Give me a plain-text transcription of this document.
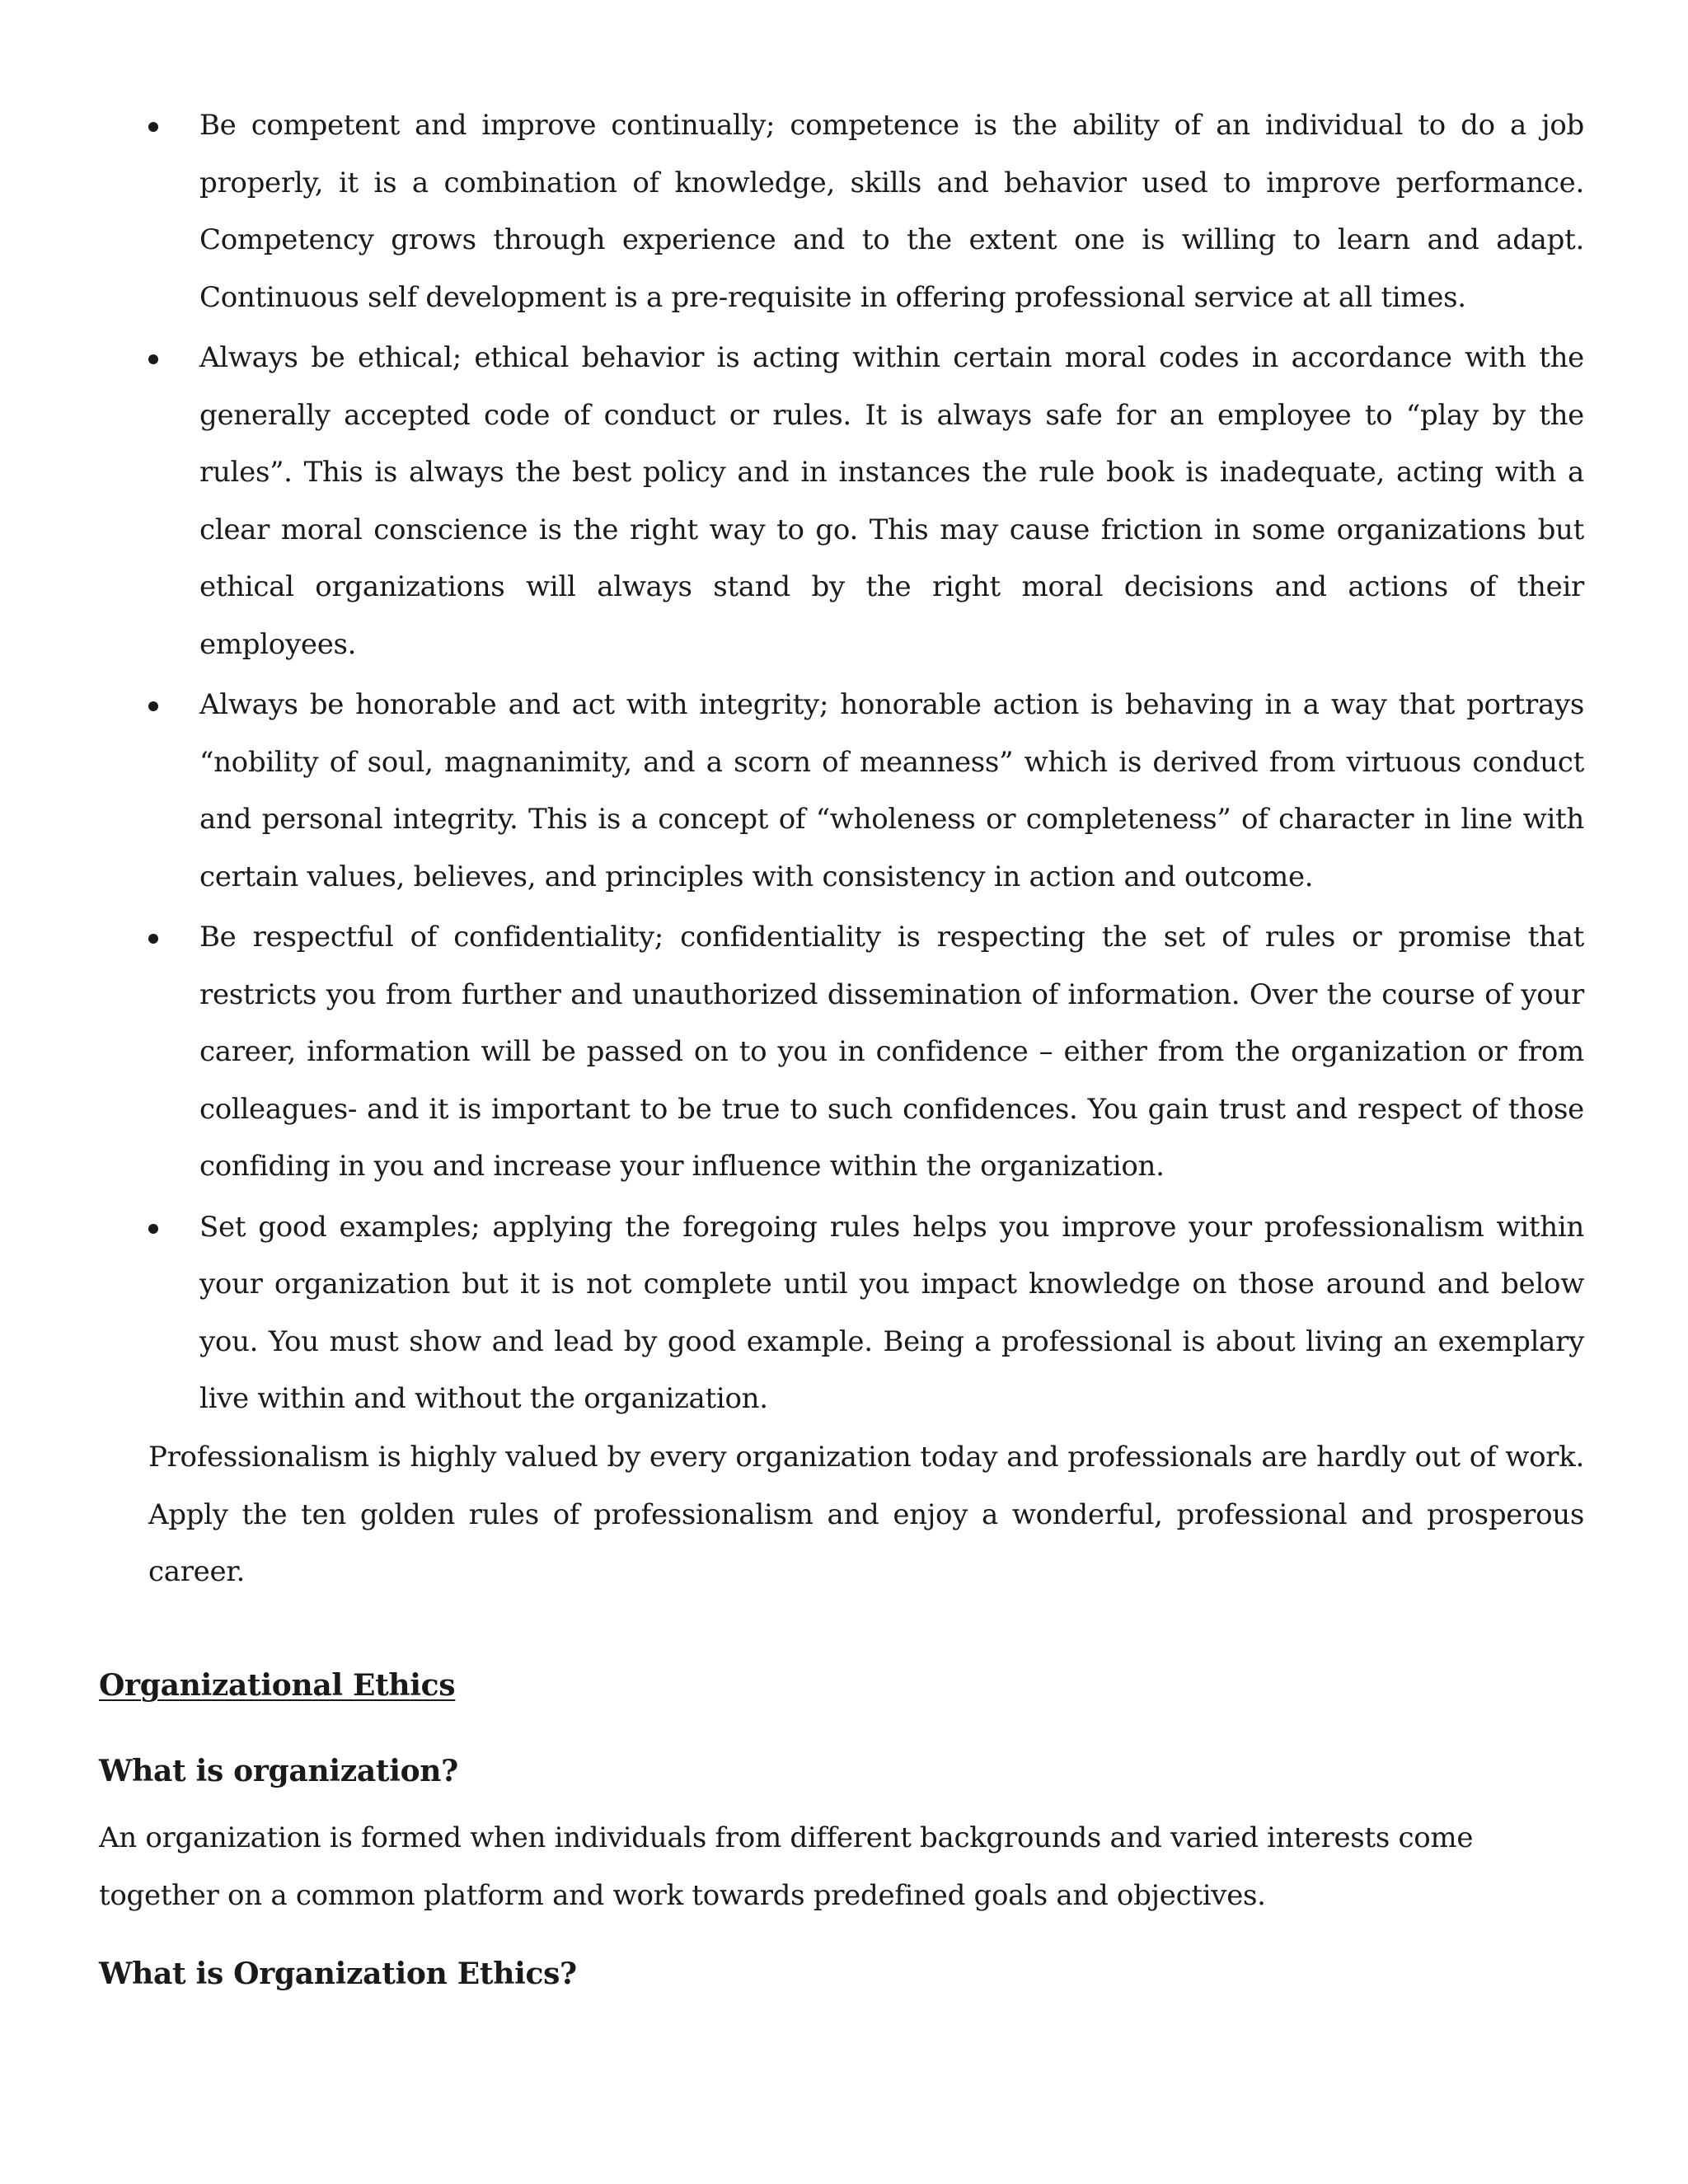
Be competent and improve continually; competence is the ability of an individual to do a job properly, it is a combination of knowledge, skills and behavior used to improve performance. Competency grows through experience and to the extent one is willing to learn and adapt. Continuous self development is a pre-requisite in offering professional service at all times.
Always be ethical; ethical behavior is acting within certain moral codes in accordance with the generally accepted code of conduct or rules. It is always safe for an employee to “play by the rules”. This is always the best policy and in instances the rule book is inadequate, acting with a clear moral conscience is the right way to go. This may cause friction in some organizations but ethical organizations will always stand by the right moral decisions and actions of their employees.
Always be honorable and act with integrity; honorable action is behaving in a way that portrays “nobility of soul, magnanimity, and a scorn of meanness” which is derived from virtuous conduct and personal integrity. This is a concept of “wholeness or completeness” of character in line with certain values, believes, and principles with consistency in action and outcome.
Be respectful of confidentiality; confidentiality is respecting the set of rules or promise that restricts you from further and unauthorized dissemination of information. Over the course of your career, information will be passed on to you in confidence – either from the organization or from colleagues- and it is important to be true to such confidences. You gain trust and respect of those confiding in you and increase your influence within the organization.
Set good examples; applying the foregoing rules helps you improve your professionalism within your organization but it is not complete until you impact knowledge on those around and below you. You must show and lead by good example. Being a professional is about living an exemplary live within and without the organization.

Professionalism is highly valued by every organization today and professionals are hardly out of work. Apply the ten golden rules of professionalism and enjoy a wonderful, professional and prosperous career.

Organizational Ethics
What is organization?

An organization is formed when individuals from different backgrounds and varied interests come together on a common platform and work towards predefined goals and objectives.

What is Organization Ethics?
